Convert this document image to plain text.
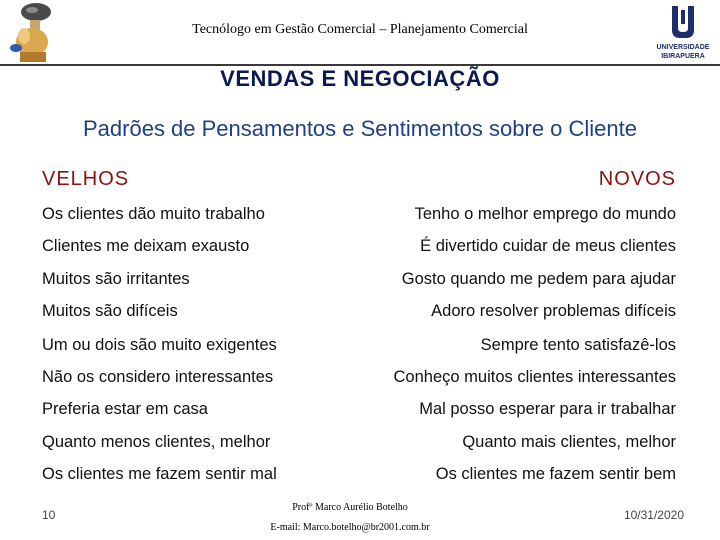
Tecnólogo em Gestão Comercial – Planejamento Comercial
UNIVERSIDADE
IBIRAPUERA
VENDAS E NEGOCIAÇÃO
Padrões de Pensamentos e Sentimentos sobre o Cliente
VELHOS	NOVOS
Os clientes dão muito trabalho	Tenho o melhor emprego do mundo
Clientes me deixam exausto	É divertido cuidar de meus clientes
Muitos são irritantes	Gosto quando me pedem para ajudar
Muitos são difíceis	Adoro resolver problemas difíceis
Um ou dois são muito exigentes	Sempre tento satisfazê-los
Não os considero interessantes	Conheço muitos clientes interessantes
Preferia estar em casa	Mal posso esperar para ir trabalhar
Quanto menos clientes, melhor	Quanto mais clientes, melhor
Os clientes me fazem sentir mal	Os clientes me fazem sentir bem
10
Profº Marco Aurélio Botelho
E-mail: Marco.botelho@br2001.com.br
10/31/2020
